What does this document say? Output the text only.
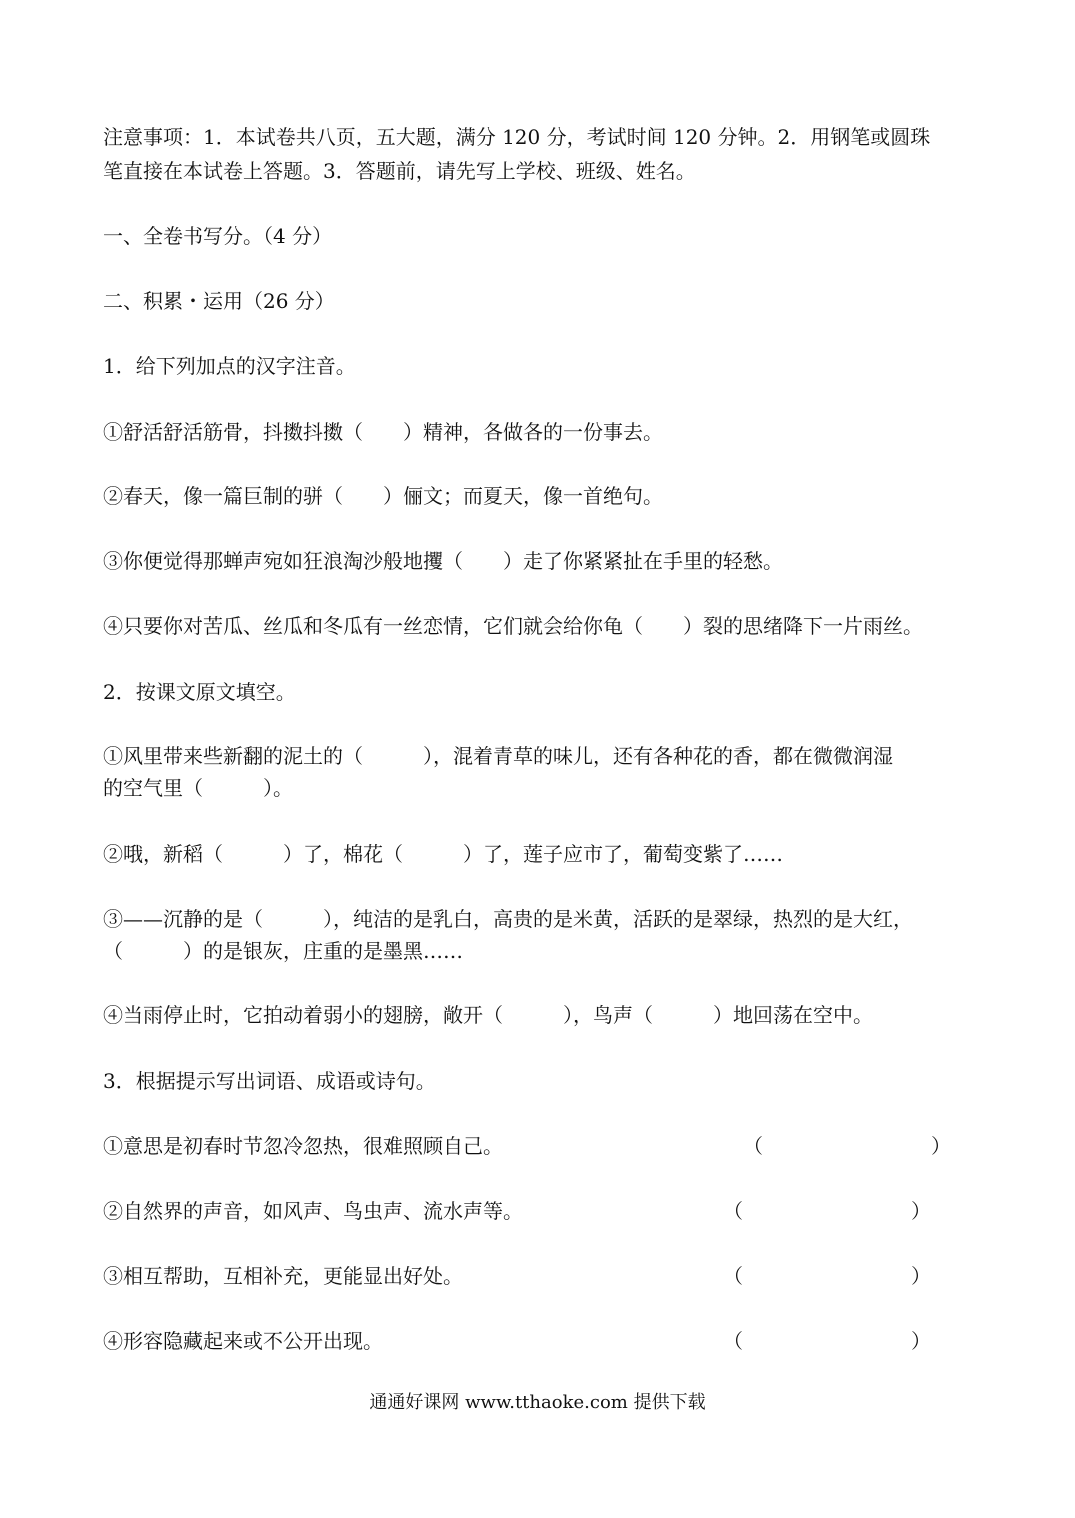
注意事项：1．本试卷共八页，五大题，满分 120 分，考试时间 120 分钟。2．用钢笔或圆珠
笔直接在本试卷上答题。3．答题前，请先写上学校、班级、姓名。
一、全卷书写分。（4 分）
二、积累・运用（26 分）
1．给下列加点的汉字注音。
①舒活舒活筋骨，抖擞抖擞（　　）精神，各做各的一份事去。
②春天，像一篇巨制的骈（　　）俪文；而夏天，像一首绝句。
③你便觉得那蝉声宛如狂浪淘沙般地攫（　　）走了你紧紧扯在手里的轻愁。
④只要你对苦瓜、丝瓜和冬瓜有一丝恋情，它们就会给你龟（　　）裂的思绪降下一片雨丝。
2．按课文原文填空。
①风里带来些新翻的泥土的（　　　），混着青草的味儿，还有各种花的香，都在微微润湿
的空气里（　　　）。
②哦，新稻（　　　）了，棉花（　　　）了，莲子应市了，葡萄变紫了……
③——沉静的是（　　　），纯洁的是乳白，高贵的是米黄，活跃的是翠绿，热烈的是大红，
（　　　）的是银灰，庄重的是墨黑……
④当雨停止时，它拍动着弱小的翅膀，敞开（　　　），鸟声（　　　）地回荡在空中。
3．根据提示写出词语、成语或诗句。
①意思是初春时节忽冷忽热，很难照顾自己。	（	）
②自然界的声音，如风声、鸟虫声、流水声等。	（	）
③相互帮助，互相补充，更能显出好处。	（	）
④形容隐藏起来或不公开出现。	（	）
通通好课网 www.tthaoke.com 提供下载
